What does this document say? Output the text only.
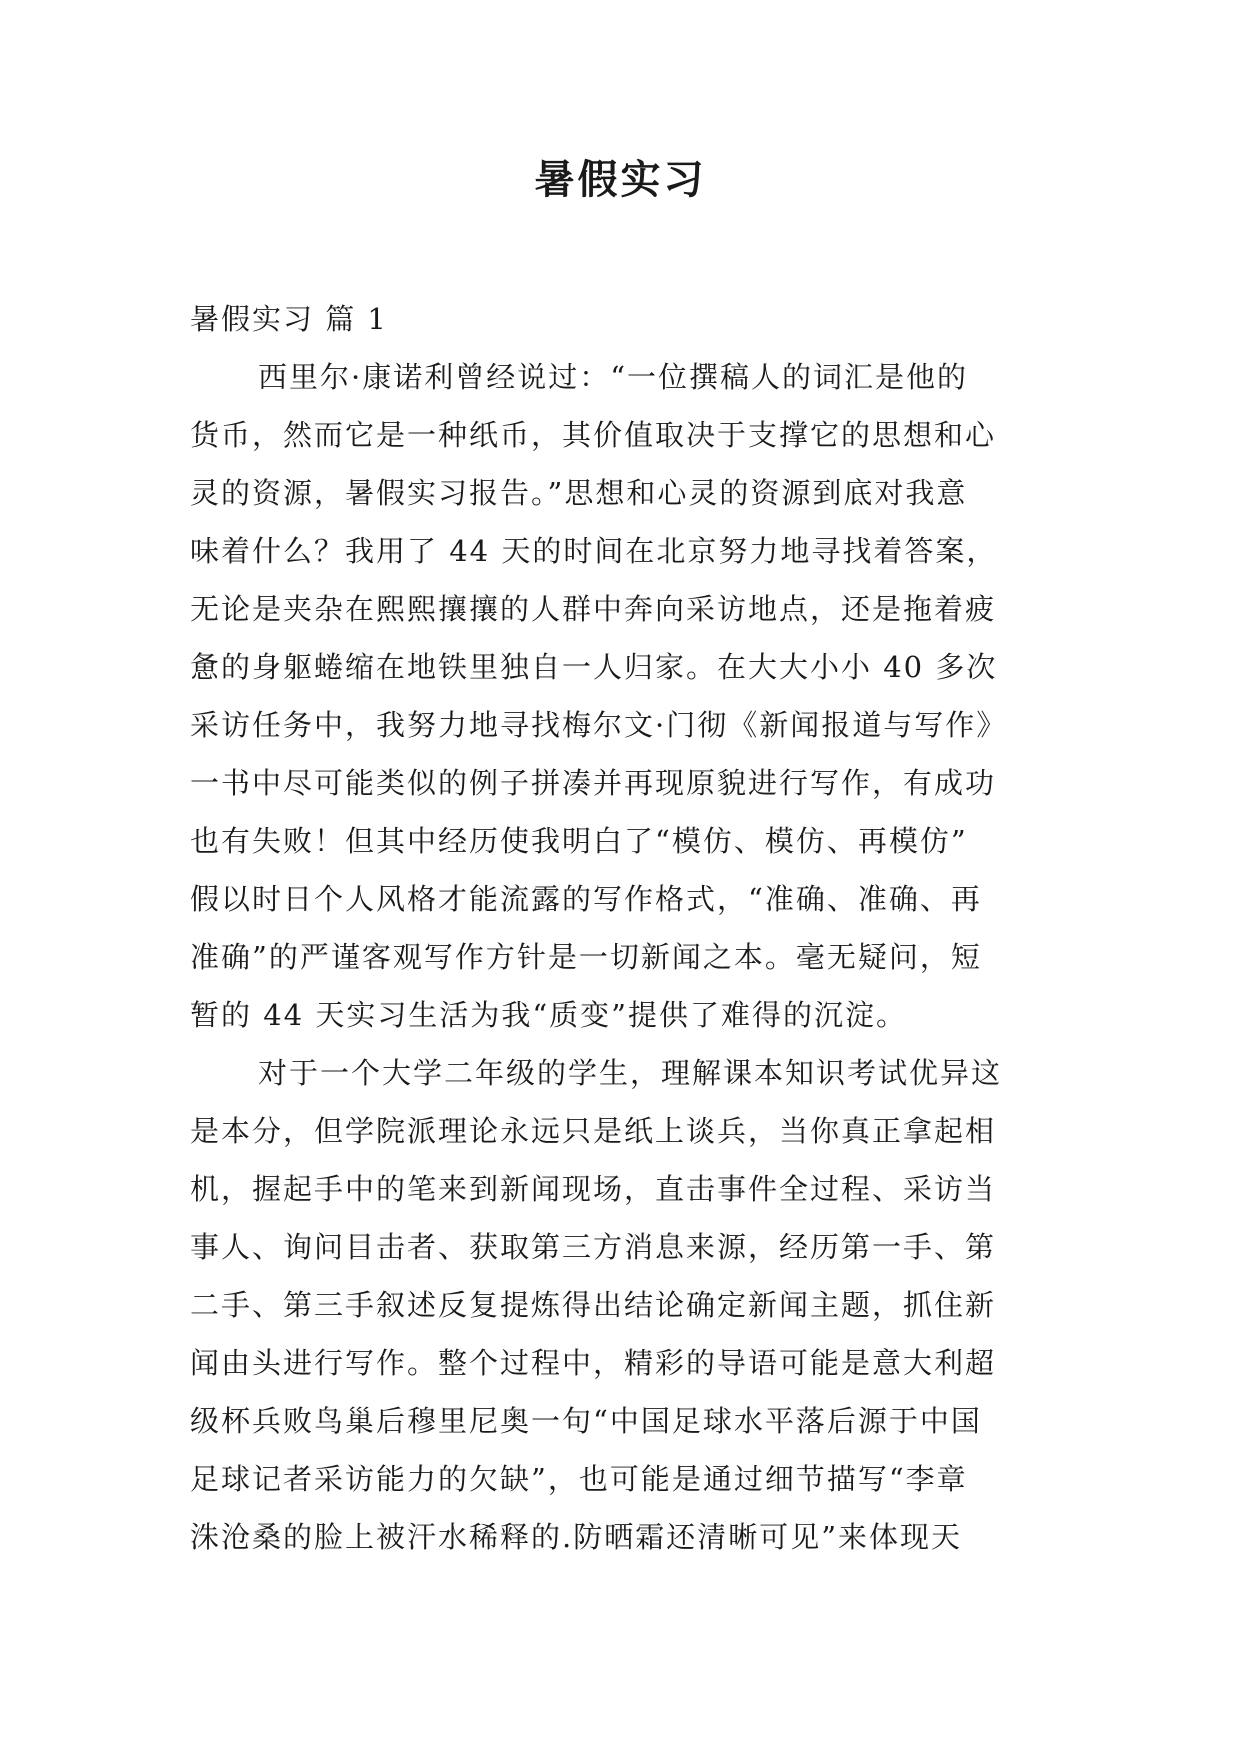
暑假实习
暑假实习 篇 1
西里尔·康诺利曾经说过：“一位撰稿人的词汇是他的
货币，然而它是一种纸币，其价值取决于支撑它的思想和心
灵的资源，暑假实习报告。”思想和心灵的资源到底对我意
味着什么？我用了 44 天的时间在北京努力地寻找着答案，
无论是夹杂在熙熙攘攘的人群中奔向采访地点，还是拖着疲
惫的身躯蜷缩在地铁里独自一人归家。在大大小小 40 多次
采访任务中，我努力地寻找梅尔文·门彻《新闻报道与写作》
一书中尽可能类似的例子拼凑并再现原貌进行写作，有成功
也有失败！但其中经历使我明白了“模仿、模仿、再模仿”
假以时日个人风格才能流露的写作格式，“准确、准确、再
准确”的严谨客观写作方针是一切新闻之本。毫无疑问，短
暂的 44 天实习生活为我“质变”提供了难得的沉淀。
对于一个大学二年级的学生，理解课本知识考试优异这
是本分，但学院派理论永远只是纸上谈兵，当你真正拿起相
机，握起手中的笔来到新闻现场，直击事件全过程、采访当
事人、询问目击者、获取第三方消息来源，经历第一手、第
二手、第三手叙述反复提炼得出结论确定新闻主题，抓住新
闻由头进行写作。整个过程中，精彩的导语可能是意大利超
级杯兵败鸟巢后穆里尼奥一句“中国足球水平落后源于中国
足球记者采访能力的欠缺”，也可能是通过细节描写“李章
洙沧桑的脸上被汗水稀释的.防晒霜还清晰可见”来体现天
